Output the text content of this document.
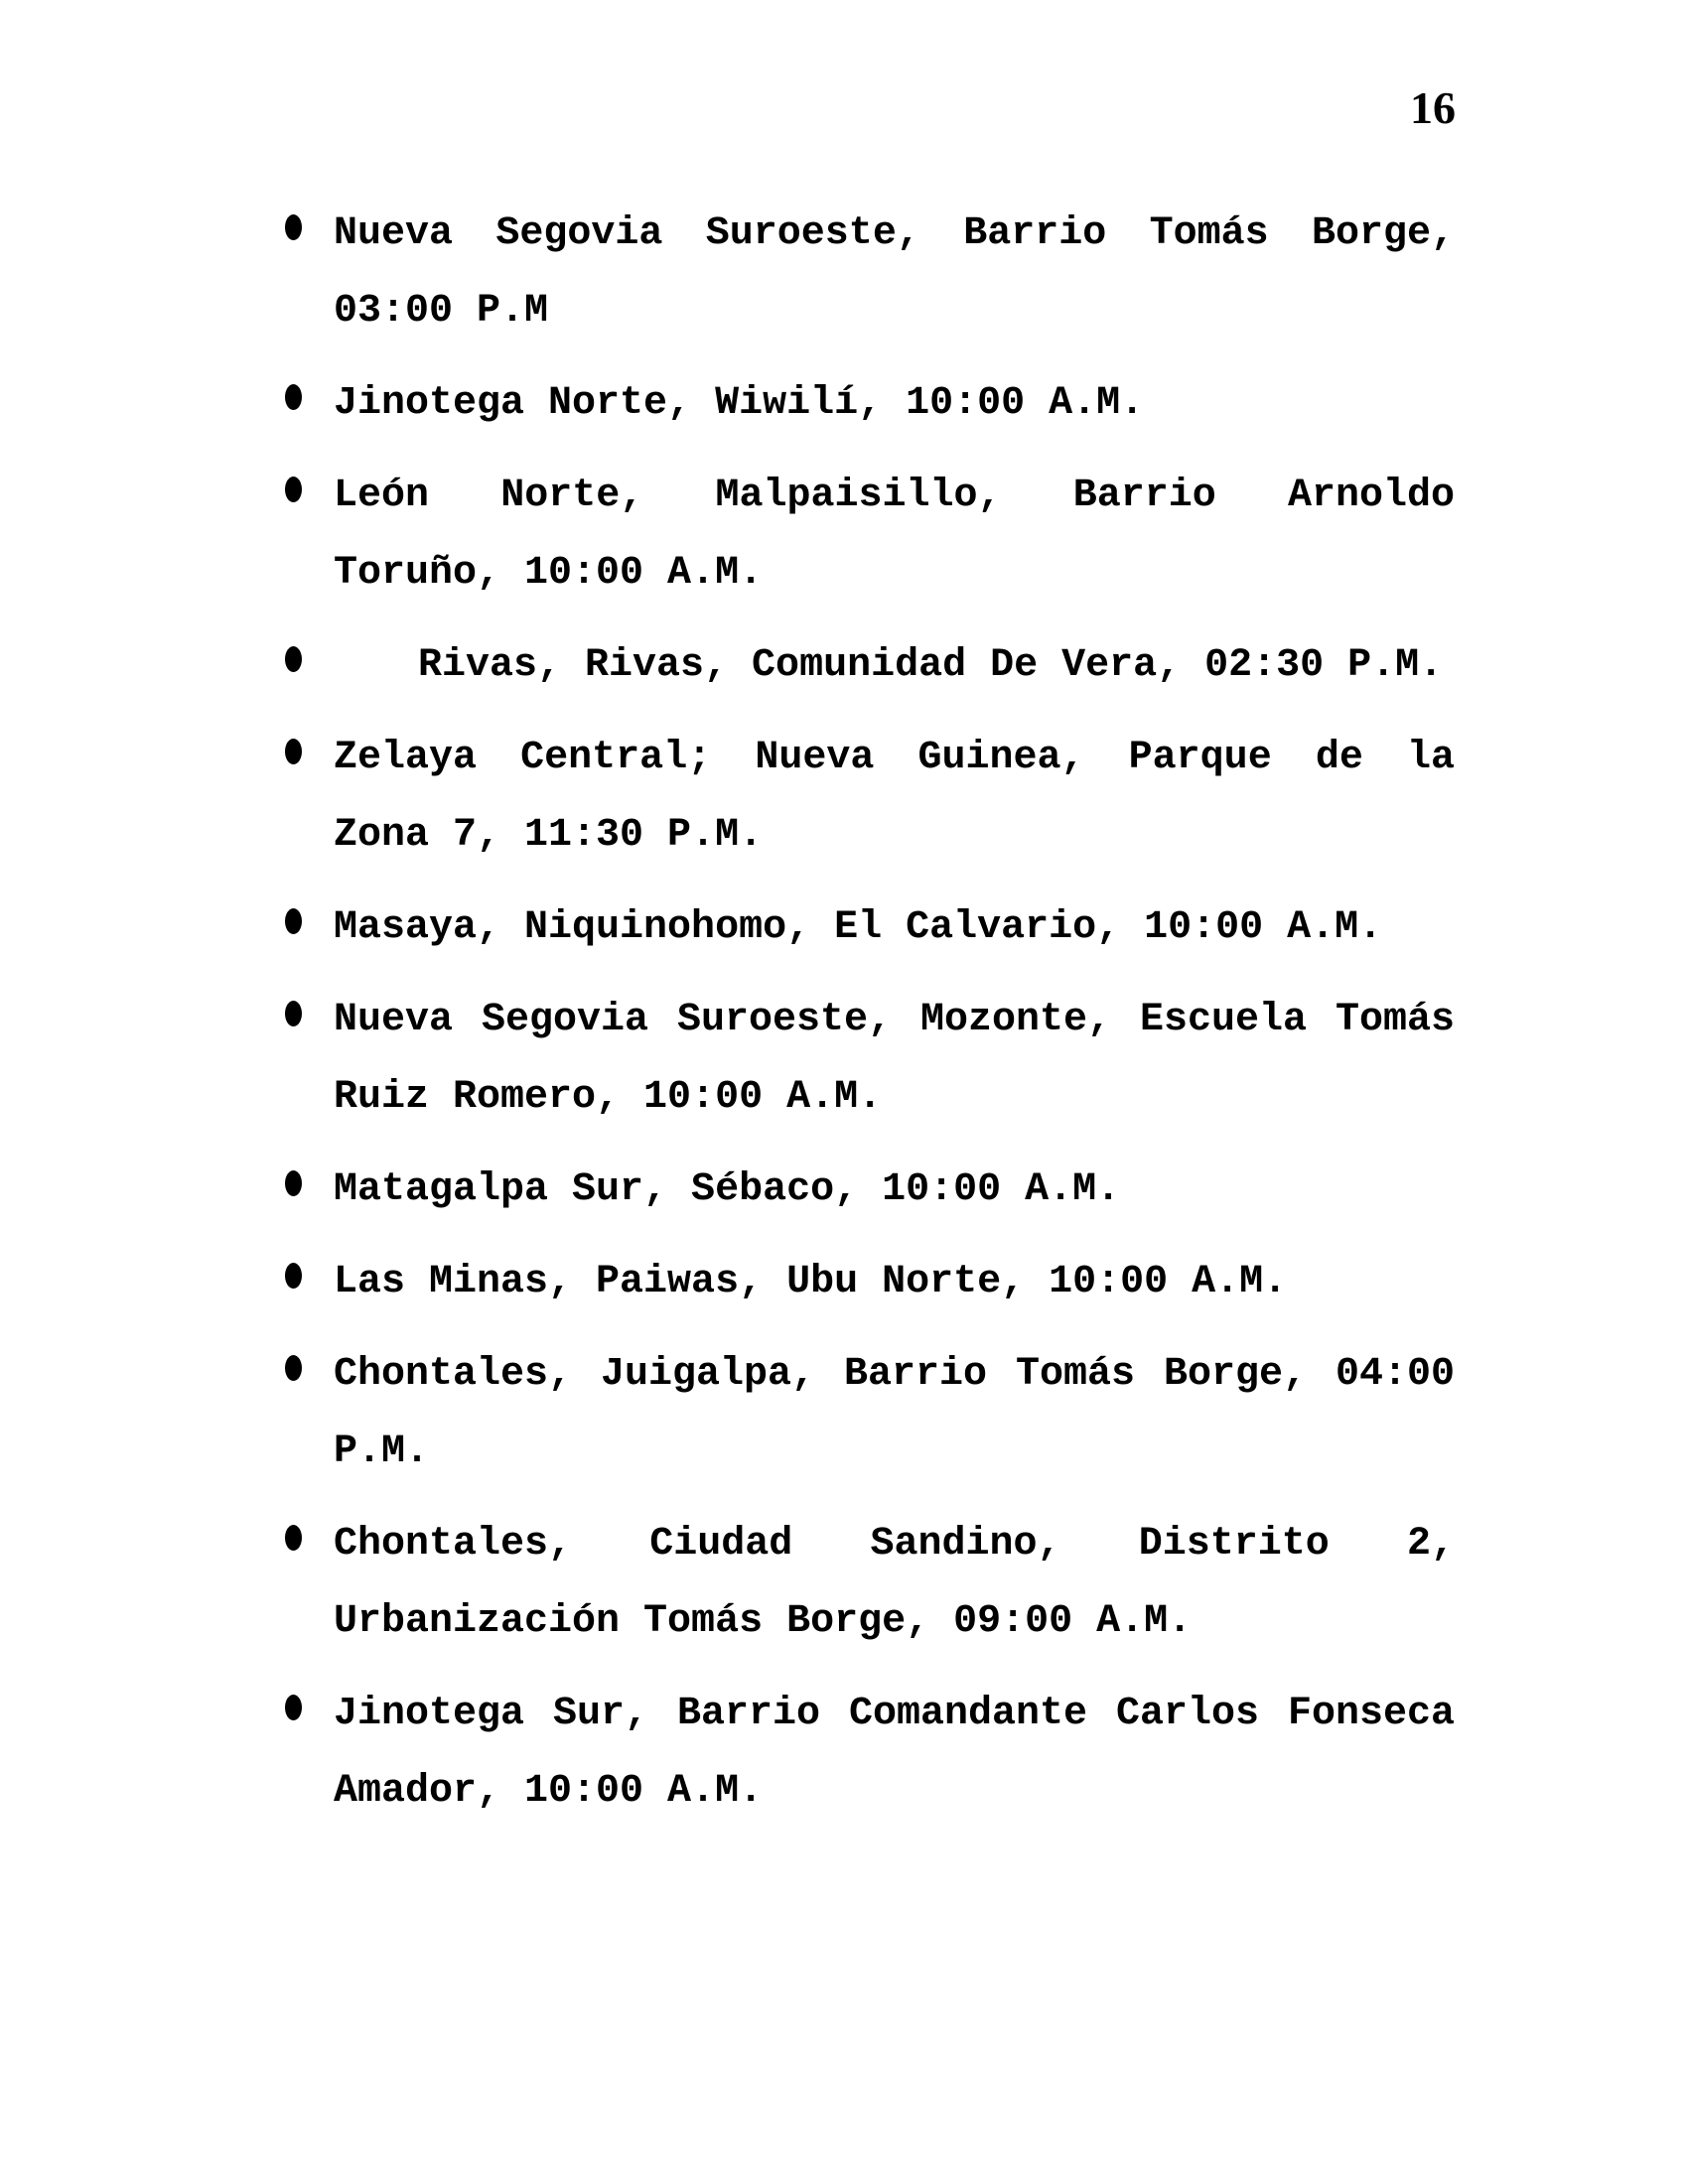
16
Nueva Segovia Suroeste, Barrio Tomás Borge,
03:00 P.M
Jinotega Norte, Wiwilí, 10:00 A.M.
León Norte, Malpaisillo, Barrio Arnoldo
Toruño, 10:00 A.M.
Rivas, Rivas, Comunidad De Vera, 02:30 P.M.
Zelaya Central; Nueva Guinea, Parque de la
Zona 7, 11:30 P.M.
Masaya, Niquinohomo, El Calvario, 10:00 A.M.
Nueva Segovia Suroeste, Mozonte, Escuela Tomás
Ruiz Romero, 10:00 A.M.
Matagalpa Sur, Sébaco, 10:00 A.M.
Las Minas, Paiwas, Ubu Norte, 10:00 A.M.
Chontales, Juigalpa, Barrio Tomás Borge, 04:00
P.M.
Chontales, Ciudad Sandino, Distrito 2,
Urbanización Tomás Borge, 09:00 A.M.
Jinotega Sur, Barrio Comandante Carlos Fonseca
Amador, 10:00 A.M.
